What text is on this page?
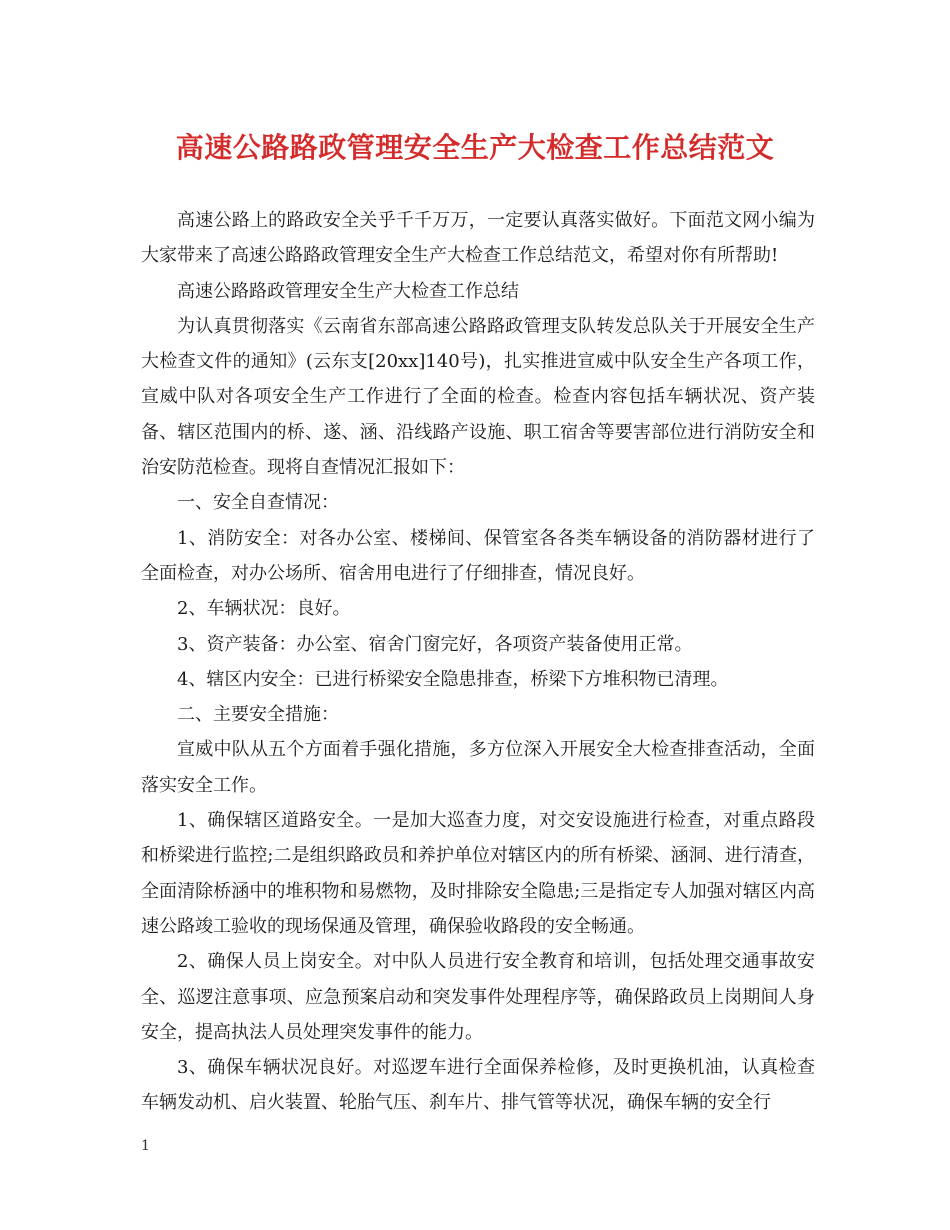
高速公路路政管理安全生产大检查工作总结范文

高速公路上的路政安全关乎千千万万，一定要认真落实做好。下面范文网小编为大家带来了高速公路路政管理安全生产大检查工作总结范文，希望对你有所帮助!

高速公路路政管理安全生产大检查工作总结

为认真贯彻落实《云南省东部高速公路路政管理支队转发总队关于开展安全生产大检查文件的通知》(云东支[20xx]140号)，扎实推进宣威中队安全生产各项工作，宣威中队对各项安全生产工作进行了全面的检查。检查内容包括车辆状况、资产装备、辖区范围内的桥、遂、涵、沿线路产设施、职工宿舍等要害部位进行消防安全和治安防范检查。现将自查情况汇报如下：

一、安全自查情况：

1、消防安全：对各办公室、楼梯间、保管室各各类车辆设备的消防器材进行了全面检查，对办公场所、宿舍用电进行了仔细排查，情况良好。

2、车辆状况：良好。

3、资产装备：办公室、宿舍门窗完好，各项资产装备使用正常。

4、辖区内安全：已进行桥梁安全隐患排查，桥梁下方堆积物已清理。

二、主要安全措施：

宣威中队从五个方面着手强化措施，多方位深入开展安全大检查排查活动，全面落实安全工作。

1、确保辖区道路安全。一是加大巡查力度，对交安设施进行检查，对重点路段和桥梁进行监控;二是组织路政员和养护单位对辖区内的所有桥梁、涵洞、进行清查，全面清除桥涵中的堆积物和易燃物，及时排除安全隐患;三是指定专人加强对辖区内高速公路竣工验收的现场保通及管理，确保验收路段的安全畅通。

2、确保人员上岗安全。对中队人员进行安全教育和培训，包括处理交通事故安全、巡逻注意事项、应急预案启动和突发事件处理程序等，确保路政员上岗期间人身安全，提高执法人员处理突发事件的能力。

3、确保车辆状况良好。对巡逻车进行全面保养检修，及时更换机油，认真检查车辆发动机、启火装置、轮胎气压、刹车片、排气管等状况，确保车辆的安全行

1
